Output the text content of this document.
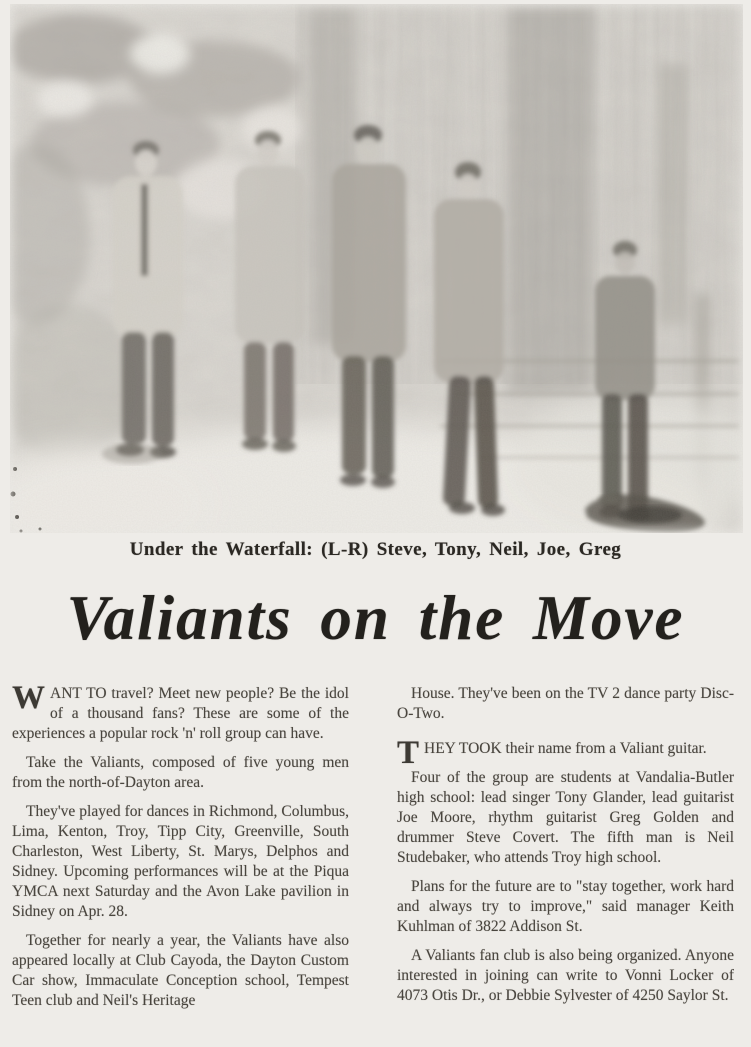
Under the Waterfall: (L-R) Steve, Tony, Neil, Joe, Greg
Valiants on the Move

WANT TO travel? Meet new people? Be the idol of a thousand fans? These are some of the experiences a popular rock 'n' roll group can have.

Take the Valiants, composed of five young men from the north-of-Dayton area.

They've played for dances in Richmond, Columbus, Lima, Kenton, Troy, Tipp City, Greenville, South Charleston, West Liberty, St. Marys, Delphos and Sidney. Upcoming performances will be at the Piqua YMCA next Saturday and the Avon Lake pavilion in Sidney on Apr. 28.

Together for nearly a year, the Valiants have also appeared locally at Club Cayoda, the Dayton Custom Car show, Immaculate Conception school, Tempest Teen club and Neil's Heritage

House. They've been on the TV 2 dance party Disc-O-Two.

THEY TOOK their name from a Valiant guitar.

Four of the group are students at Vandalia-Butler high school: lead singer Tony Glander, lead guitarist Joe Moore, rhythm guitarist Greg Golden and drummer Steve Covert. The fifth man is Neil Studebaker, who attends Troy high school.

Plans for the future are to "stay together, work hard and always try to improve," said manager Keith Kuhlman of 3822 Addison St.

A Valiants fan club is also being organized. Anyone interested in joining can write to Vonni Locker of 4073 Otis Dr., or Debbie Sylvester of 4250 Saylor St.
